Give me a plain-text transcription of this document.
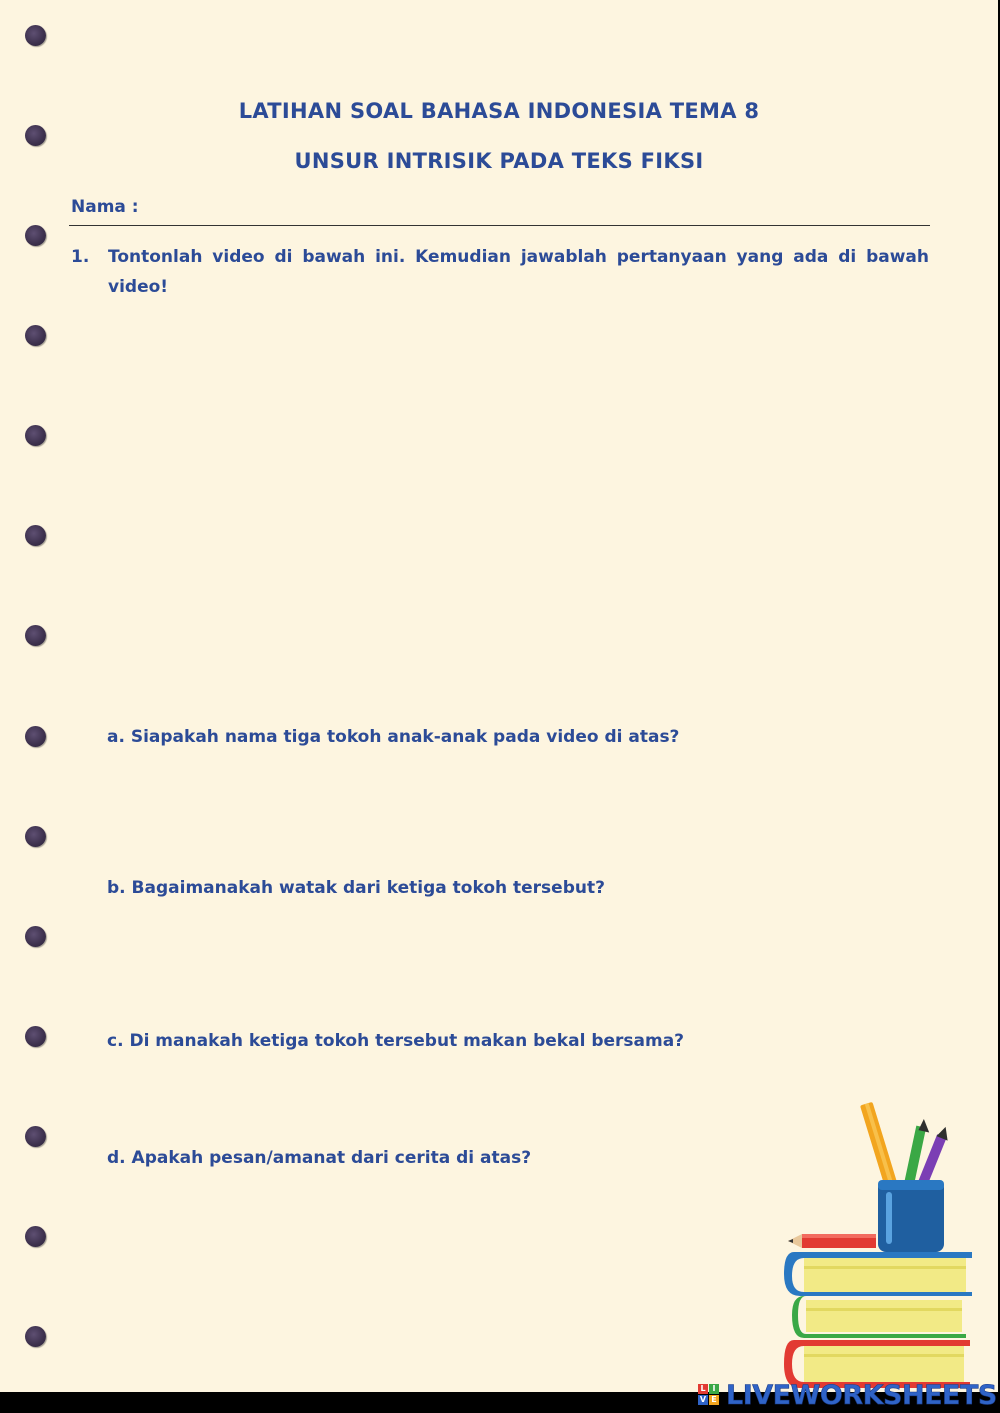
LATIHAN SOAL BAHASA INDONESIA TEMA 8
UNSUR INTRISIK PADA TEKS FIKSI
Nama :
1. Tontonlah video di bawah ini. Kemudian jawablah pertanyaan yang ada di bawah video!
a. Siapakah nama tiga tokoh anak-anak pada video di atas?
b. Bagaimanakah watak dari ketiga tokoh tersebut?
c. Di manakah ketiga tokoh tersebut makan bekal bersama?
d. Apakah pesan/amanat dari cerita di atas?
L I
V E LIVEWORKSHEETS
